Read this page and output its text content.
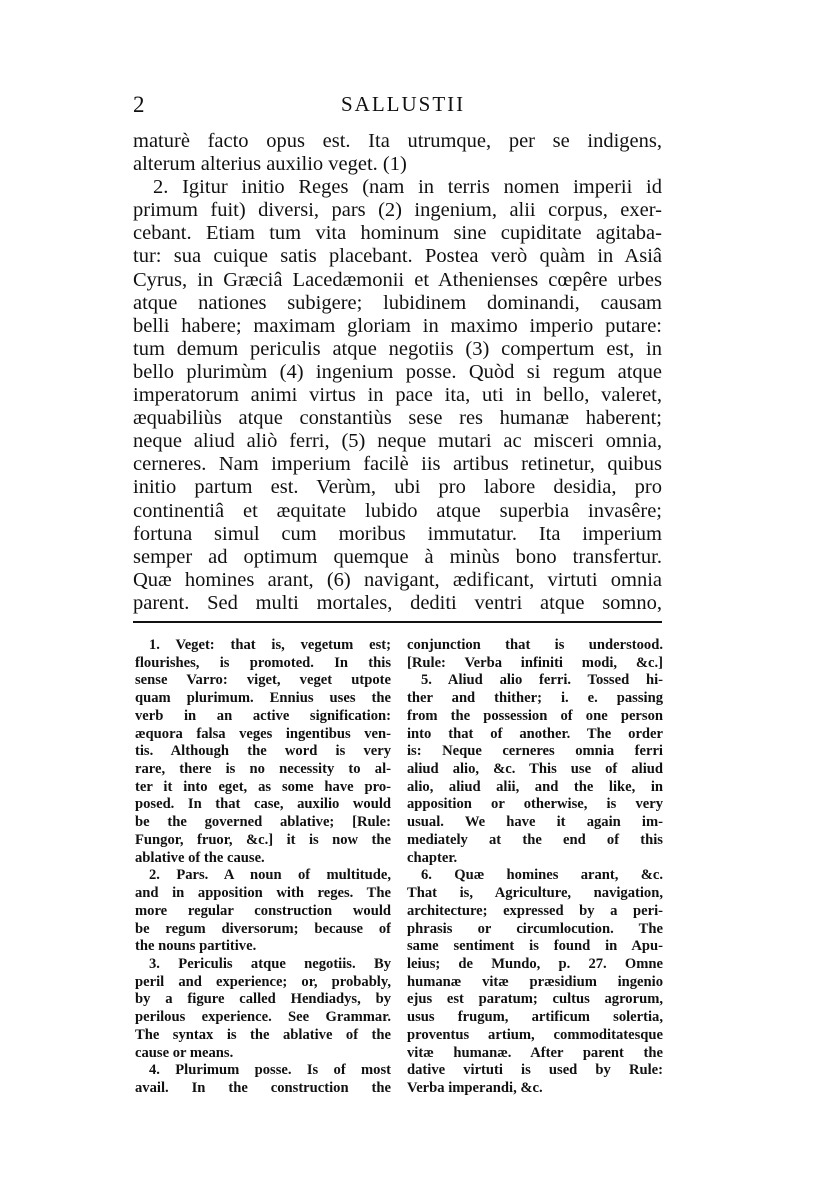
2	SALLUSTII
maturè facto opus est. Ita utrumque, per se indigens,
alterum alterius auxilio veget. (1)
2. Igitur initio Reges (nam in terris nomen imperii id
primum fuit) diversi, pars (2) ingenium, alii corpus, exer-
cebant. Etiam tum vita hominum sine cupiditate agitaba-
tur: sua cuique satis placebant. Postea verò quàm in Asiâ
Cyrus, in Græciâ Lacedæmonii et Athenienses cœpêre urbes
atque nationes subigere; lubidinem dominandi, causam
belli habere; maximam gloriam in maximo imperio putare:
tum demum periculis atque negotiis (3) compertum est, in
bello plurimùm (4) ingenium posse. Quòd si regum atque
imperatorum animi virtus in pace ita, uti in bello, valeret,
æquabiliùs atque constantiùs sese res humanæ haberent;
neque aliud aliò ferri, (5) neque mutari ac misceri omnia,
cerneres. Nam imperium facilè iis artibus retinetur, quibus
initio partum est. Verùm, ubi pro labore desidia, pro
continentiâ et æquitate lubido atque superbia invasêre;
fortuna simul cum moribus immutatur. Ita imperium
semper ad optimum quemque à minùs bono transfertur.
Quæ homines arant, (6) navigant, ædificant, virtuti omnia
parent. Sed multi mortales, dediti ventri atque somno,
1. Veget: that is, vegetum est;
flourishes, is promoted. In this
sense Varro: viget, veget utpote
quam plurimum. Ennius uses the
verb in an active signification:
æquora falsa veges ingentibus ven-
tis. Although the word is very
rare, there is no necessity to al-
ter it into eget, as some have pro-
posed. In that case, auxilio would
be the governed ablative; [Rule:
Fungor, fruor, &c.] it is now the
ablative of the cause.
2. Pars. A noun of multitude,
and in apposition with reges. The
more regular construction would
be regum diversorum; because of
the nouns partitive.
3. Periculis atque negotiis. By
peril and experience; or, probably,
by a figure called Hendiadys, by
perilous experience. See Grammar.
The syntax is the ablative of the
cause or means.
4. Plurimum posse. Is of most
avail. In the construction the
conjunction that is understood.
[Rule: Verba infiniti modi, &c.]
5. Aliud alio ferri. Tossed hi-
ther and thither; i. e. passing
from the possession of one person
into that of another. The order
is: Neque cerneres omnia ferri
aliud alio, &c. This use of aliud
alio, aliud alii, and the like, in
apposition or otherwise, is very
usual. We have it again im-
mediately at the end of this
chapter.
6. Quæ homines arant, &c.
That is, Agriculture, navigation,
architecture; expressed by a peri-
phrasis or circumlocution. The
same sentiment is found in Apu-
leius; de Mundo, p. 27. Omne
humanæ vitæ præsidium ingenio
ejus est paratum; cultus agrorum,
usus frugum, artificum solertia,
proventus artium, commoditatesque
vitæ humanæ. After parent the
dative virtuti is used by Rule:
Verba imperandi, &c.
